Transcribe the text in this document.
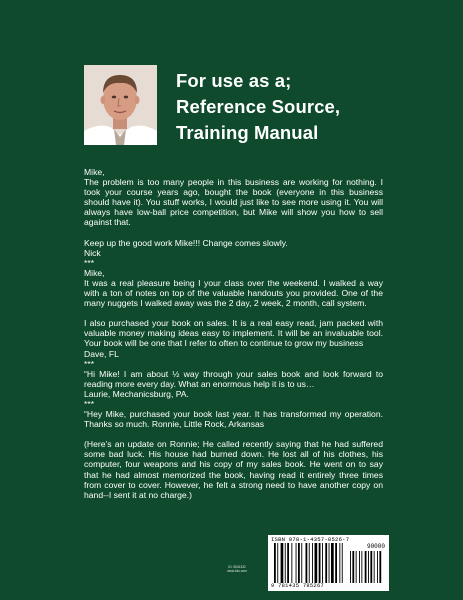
For use as a;
Reference Source,
Training Manual

Mike,

The problem is too many people in this business are working for nothing. I took your course years ago, bought the book (everyone in this business should have it). You stuff works, I would just like to see more using it. You will always have low-ball price competition, but Mike will show you how to sell against that.

Keep up the good work Mike!!! Change comes slowly.

Nick

***

Mike,

It was a real pleasure being I your class over the weekend. I walked a way with a ton of notes on top of the valuable handouts you provided. One of the many nuggets I walked away was the 2 day, 2 week, 2 month, call system.

I also purchased your book on sales. It is a real easy read, jam packed with valuable money making ideas easy to implement. It will be an invaluable tool. Your book will be one that I refer to often to continue to grow my business

Dave, FL

***

“Hi Mike! I am about ½ way through your sales book and look forward to reading more every day. What an enormous help it is to us…

Laurie, Mechanicsburg, PA.

***

“Hey Mike, purchased your book last year. It has transformed my operation. Thanks so much. Ronnie, Little Rock, Arkansas

(Here’s an update on Ronnie; He called recently saying that he had suffered some bad luck. His house had burned down. He lost all of his clothes, his computer, four weapons and his copy of my sales book. He went on to say that he had almost memorized the book, having read it entirely three times from cover to cover. However, he felt a strong need to have another copy on hand--I sent it at no charge.)

ID: 5541332
www.lulu.com
ISBN 978-1-4357-8526-7
90000
9 781435 785267
